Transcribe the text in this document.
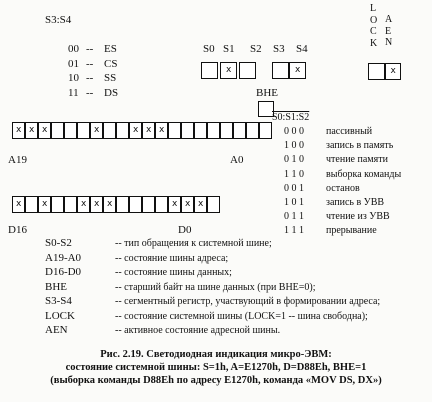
S3:S4
00 -- ES
01 -- CS
10 -- SS
11 -- DS
S0 S1 S2 S3 S4
L
O
C
K
A
E
N
x	x	x
BHE
S0:S1:S2
x x x	x	x x x
A19	A0
0 0 0 пассивный
1 0 0 запись в память
0 1 0 чтение памяти
1 1 0 выборка команды
0 0 1 останов
1 0 1 запись в УВВ
0 1 1 чтение из УВВ
1 1 1 прерывание
x x	x x x	x x x
D16	D0
S0-S2	-- тип обращения к системной шине;
A19-A0	-- состояние шины адреса;
D16-D0	-- состояние шины данных;
BHE	-- старший байт на шине данных (при BHE=0);
S3-S4	-- сегментный регистр, участвующий в формировании адреса;
LOCK	-- состояние системной шины (LOCK=1 -- шина свободна);
AEN	-- активное состояние адресной шины.
Рис. 2.19. Светодиодная индикация микро-ЭВМ:
состояние системной шины: S=1h, A=E1270h, D=D88Eh, BHE=1
(выборка команды D88Eh по адресу E1270h, команда «MOV DS, DX»)
